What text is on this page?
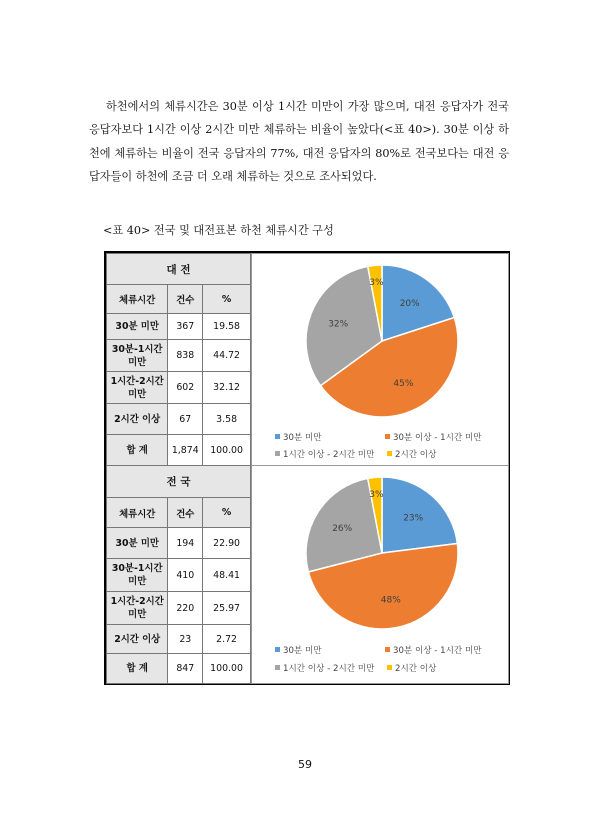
하천에서의 체류시간은 30분 이상 1시간 미만이 가장 많으며, 대전 응답자가 전국 응답자보다 1시간 이상 2시간 미만 체류하는 비율이 높았다(<표 40>). 30분 이상 하천에 체류하는 비율이 전국 응답자의 77%, 대전 응답자의 80%로 전국보다는 대전 응답자들이 하천에 조금 더 오래 체류하는 것으로 조사되었다.
<표 40> 전국 및 대전표본 하천 체류시간 구성
대 전		
체류시간	건수	%
30분 미만	367	19.58
30분-1시간 미만	838	44.72
1시간-2시간 미만	602	32.12
2시간 이상	67	3.58
합 계	1,874	100.00
전 국		
체류시간	건수	%
30분 미만	194	22.90
30분-1시간 미만	410	48.41
1시간-2시간 미만	220	25.97
2시간 이상	23	2.72
합 계	847	100.00
20%
45%
32%
3%
30분 미만	30분 이상 - 1시간 미만
1시간 이상 - 2시간 미만	2시간 이상
23%
48%
26%
3%
30분 미만	30분 이상 - 1시간 미만
1시간 이상 - 2시간 미만	2시간 이상
59
